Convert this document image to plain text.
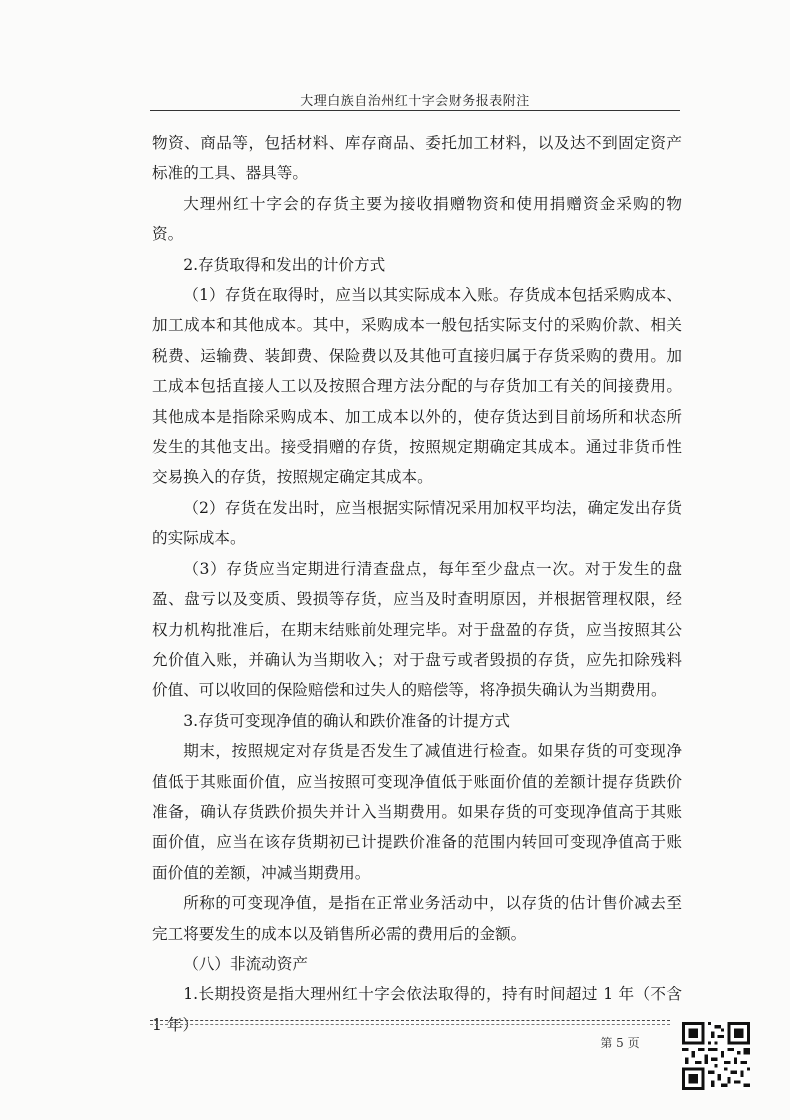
大理白族自治州红十字会财务报表附注

物资、商品等，包括材料、库存商品、委托加工材料，以及达不到固定资产标准的工具、器具等。

大理州红十字会的存货主要为接收捐赠物资和使用捐赠资金采购的物资。

2.存货取得和发出的计价方式

（1）存货在取得时，应当以其实际成本入账。存货成本包括采购成本、加工成本和其他成本。其中，采购成本一般包括实际支付的采购价款、相关税费、运输费、装卸费、保险费以及其他可直接归属于存货采购的费用。加工成本包括直接人工以及按照合理方法分配的与存货加工有关的间接费用。其他成本是指除采购成本、加工成本以外的，使存货达到目前场所和状态所发生的其他支出。接受捐赠的存货，按照规定期确定其成本。通过非货币性交易换入的存货，按照规定确定其成本。

（2）存货在发出时，应当根据实际情况采用加权平均法，确定发出存货的实际成本。

（3）存货应当定期进行清查盘点，每年至少盘点一次。对于发生的盘盈、盘亏以及变质、毁损等存货，应当及时查明原因，并根据管理权限，经权力机构批准后，在期末结账前处理完毕。对于盘盈的存货，应当按照其公允价值入账，并确认为当期收入；对于盘亏或者毁损的存货，应先扣除残料价值、可以收回的保险赔偿和过失人的赔偿等，将净损失确认为当期费用。

3.存货可变现净值的确认和跌价准备的计提方式

期末，按照规定对存货是否发生了减值进行检查。如果存货的可变现净值低于其账面价值，应当按照可变现净值低于账面价值的差额计提存货跌价准备，确认存货跌价损失并计入当期费用。如果存货的可变现净值高于其账面价值，应当在该存货期初已计提跌价准备的范围内转回可变现净值高于账面价值的差额，冲减当期费用。

所称的可变现净值，是指在正常业务活动中，以存货的估计售价减去至完工将要发生的成本以及销售所必需的费用后的金额。

（八）非流动资产

1.长期投资是指大理州红十字会依法取得的，持有时间超过 1 年（不含 1 年）

第 5 页
